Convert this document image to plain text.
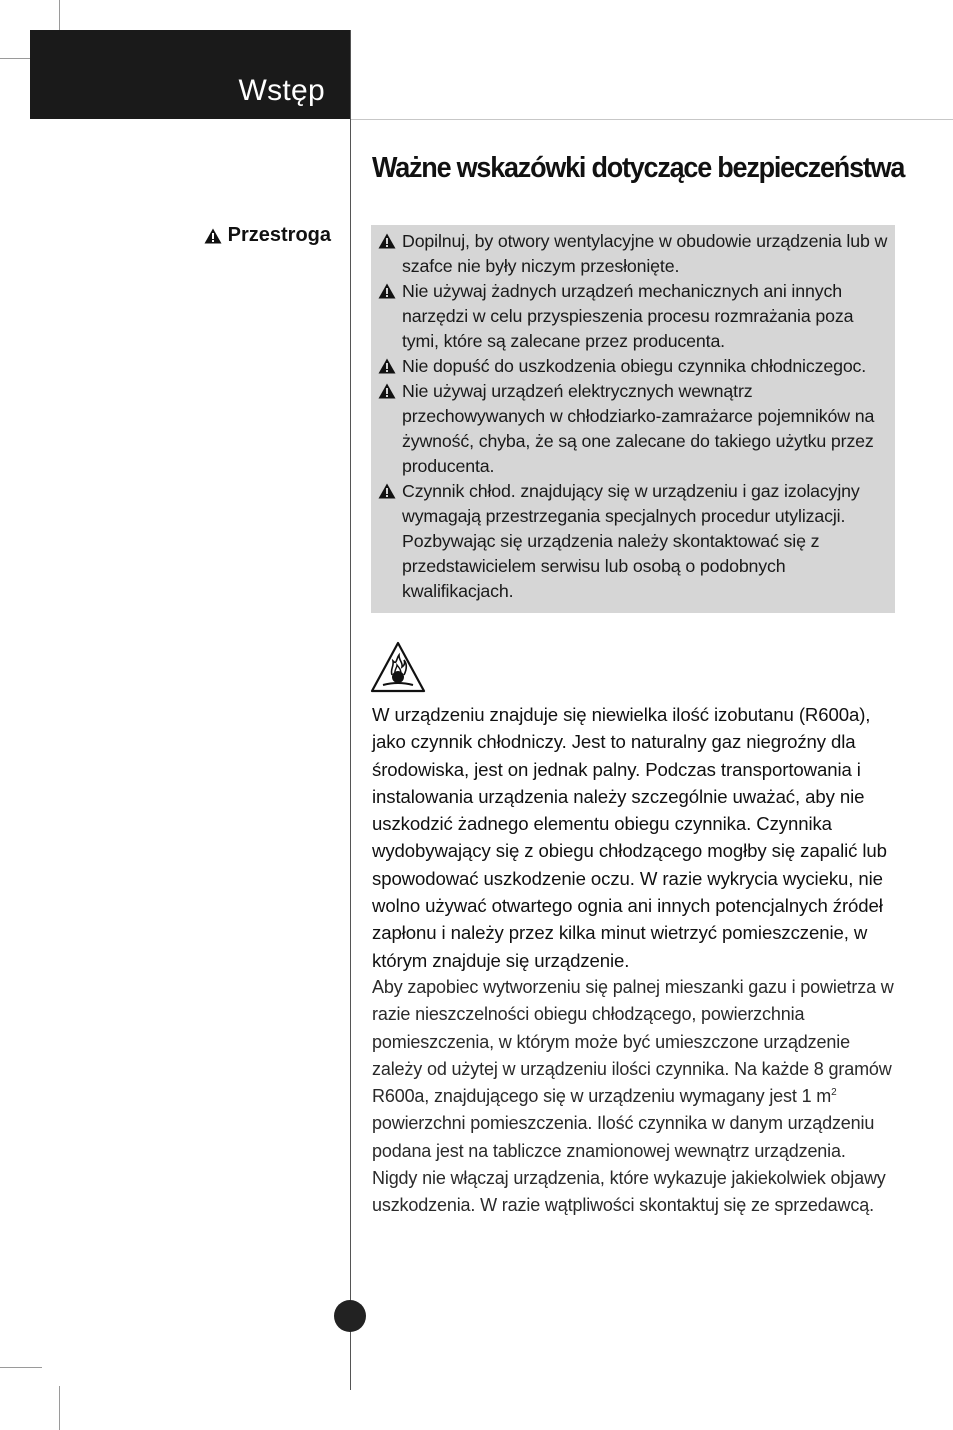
Wstęp
Ważne wskazówki dotyczące bezpieczeństwa
Przestroga	Dopilnuj, by otwory wentylacyjne w obudowie urządzenia lub w szafce nie były niczym przesłonięte.
Nie używaj żadnych urządzeń mechanicznych ani innych narzędzi w celu przyspieszenia procesu rozmrażania poza tymi, które są zalecane przez producenta.
Nie dopuść do uszkodzenia obiegu czynnika chłodniczegoc.
Nie używaj urządzeń elektrycznych wewnątrz przechowywanych w chłodziarko-zamrażarce pojemników na żywność, chyba, że są one zalecane do takiego użytku przez producenta.
Czynnik chłod. znajdujący się w urządzeniu i gaz izolacyjny wymagają przestrzegania specjalnych procedur utylizacji. Pozbywając się urządzenia należy skontaktować się z przedstawicielem serwisu lub osobą o podobnych kwalifikacjach.

W urządzeniu znajduje się niewielka ilość izobutanu (R600a), jako czynnik chłodniczy. Jest to naturalny gaz niegroźny dla środowiska, jest on jednak palny. Podczas transportowania i instalowania urządzenia należy szczególnie uważać, aby nie uszkodzić żadnego elementu obiegu czynnika. Czynnika wydobywający się z obiegu chłodzącego mogłby się zapalić lub spowodować uszkodzenie oczu. W razie wykrycia wycieku, nie wolno używać otwartego ognia ani innych potencjalnych źródeł zapłonu i należy przez kilka minut wietrzyć pomieszczenie, w którym znajduje się urządzenie.

Aby zapobiec wytworzeniu się palnej mieszanki gazu i powietrza w razie nieszczelności obiegu chłodzącego, powierzchnia pomieszczenia, w którym może być umieszczone urządzenie zależy od użytej w urządzeniu ilości czynnika. Na każde 8 gramów R600a, znajdującego się w urządzeniu wymagany jest 1 $m^2$ powierzchni pomieszczenia. Ilość czynnika w danym urządzeniu podana jest na tabliczce znamionowej wewnątrz urządzenia.

Nigdy nie włączaj urządzenia, które wykazuje jakiekolwiek objawy uszkodzenia. W razie wątpliwości skontaktuj się ze sprzedawcą.
